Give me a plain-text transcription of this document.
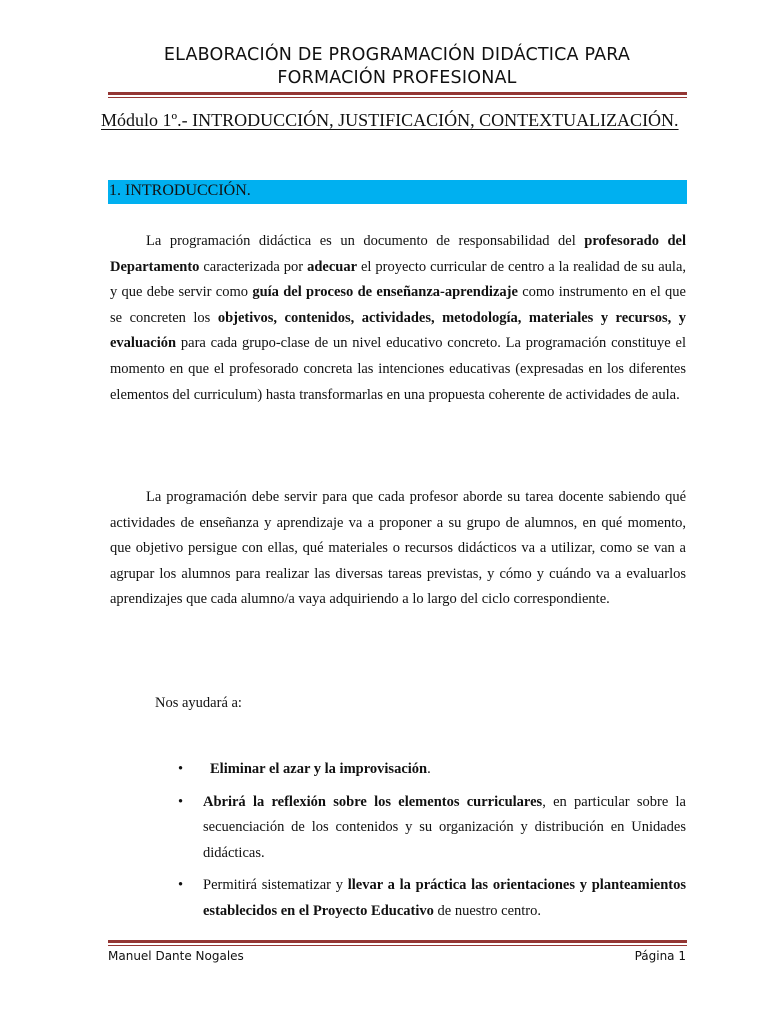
ELABORACIÓN DE PROGRAMACIÓN DIDÁCTICA PARA
FORMACIÓN PROFESIONAL
Módulo 1º.- INTRODUCCIÓN, JUSTIFICACIÓN, CONTEXTUALIZACIÓN.
1. INTRODUCCIÓN.

La programación didáctica es un documento de responsabilidad del profesorado del Departamento caracterizada por adecuar el proyecto curricular de centro a la realidad de su aula, y que debe servir como guía del proceso de enseñanza-aprendizaje como instrumento en el que se concreten los objetivos, contenidos, actividades, metodología, materiales y recursos, y evaluación para cada grupo-clase de un nivel educativo concreto. La programación constituye el momento en que el profesorado concreta las intenciones educativas (expresadas en los diferentes elementos del curriculum) hasta transformarlas en una propuesta coherente de actividades de aula.

La programación debe servir para que cada profesor aborde su tarea docente sabiendo qué actividades de enseñanza y aprendizaje va a proponer a su grupo de alumnos, en qué momento, que objetivo persigue con ellas, qué materiales o recursos didácticos va a utilizar, como se van a agrupar los alumnos para realizar las diversas tareas previstas, y cómo y cuándo va a evaluarlos aprendizajes que cada alumno/a vaya adquiriendo a lo largo del ciclo correspondiente.

Nos ayudará a:
• Eliminar el azar y la improvisación.
• Abrirá la reflexión sobre los elementos curriculares, en particular sobre la secuenciación de los contenidos y su organización y distribución en Unidades didácticas.
• Permitirá sistematizar y llevar a la práctica las orientaciones y planteamientos establecidos en el Proyecto Educativo de nuestro centro.
Manuel Dante Nogales	Página 1
